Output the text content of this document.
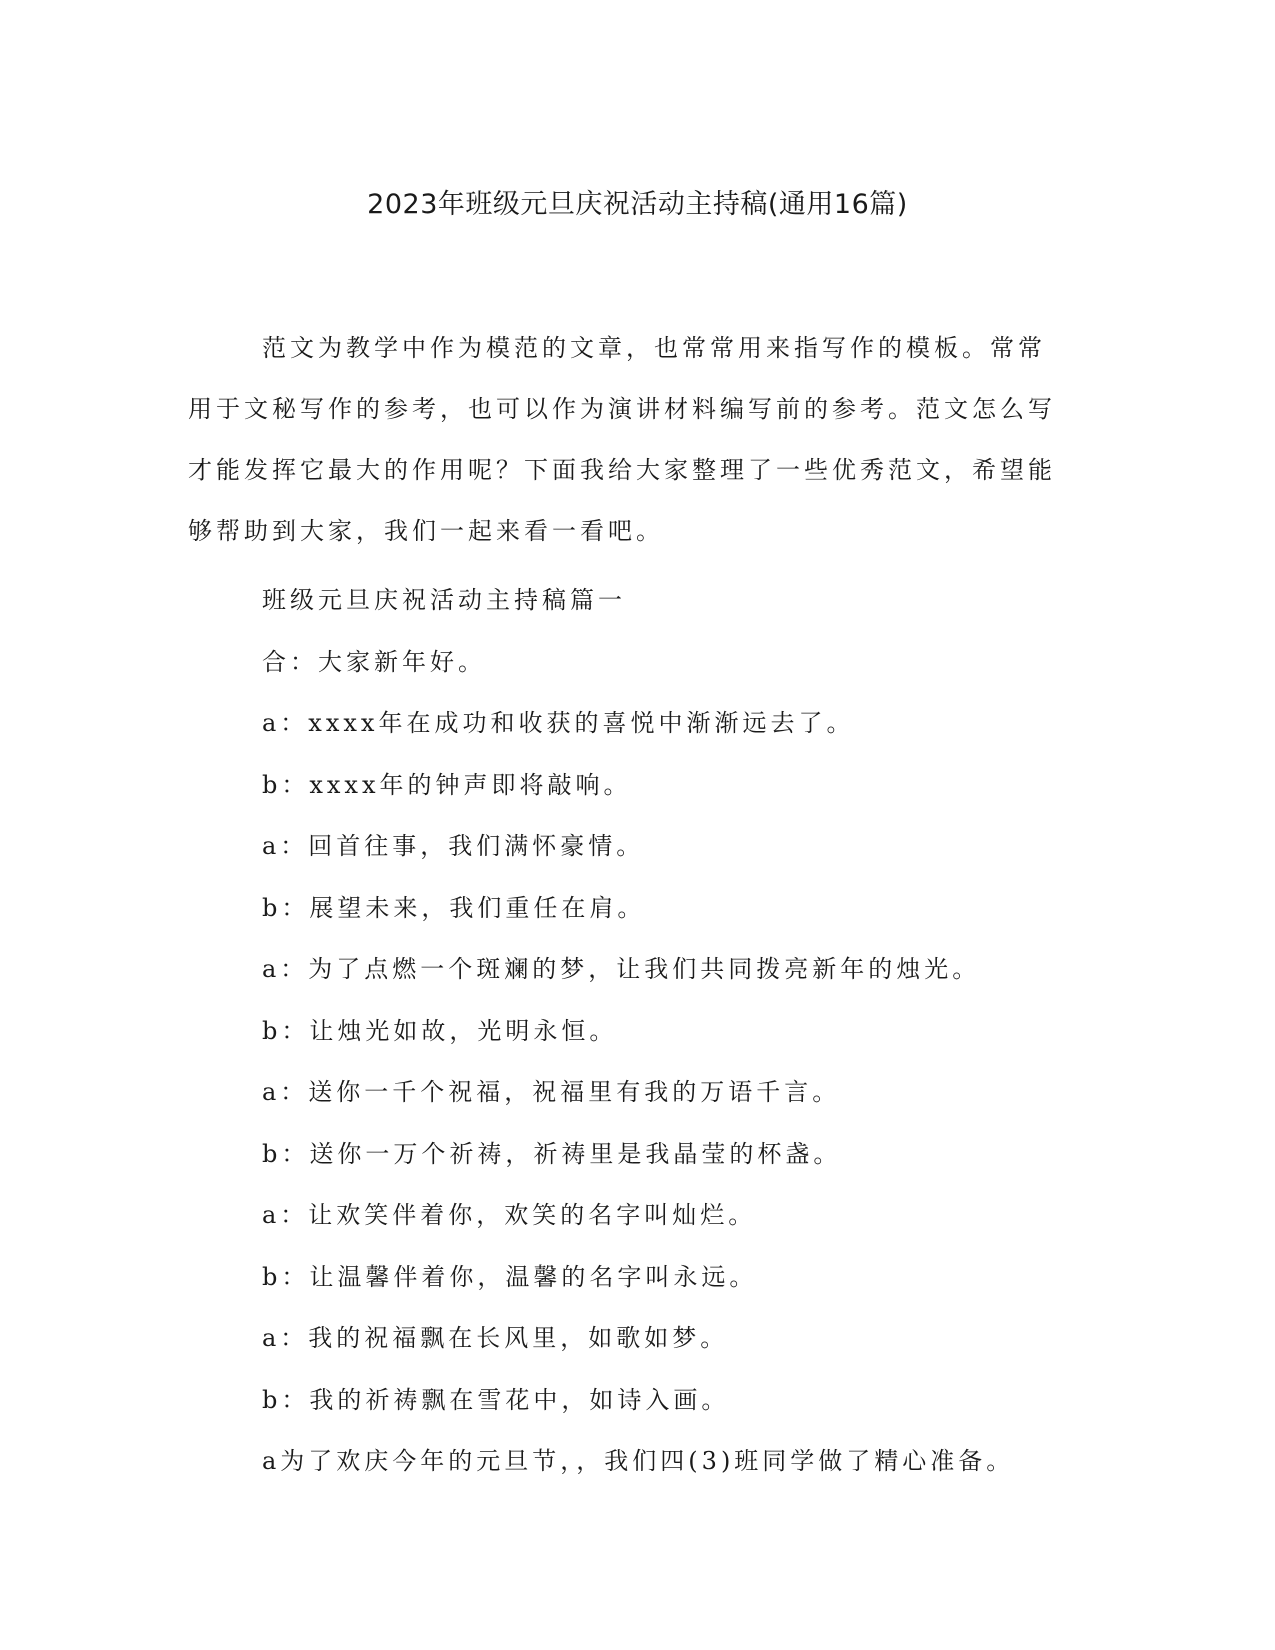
2023年班级元旦庆祝活动主持稿(通用16篇)

范文为教学中作为模范的文章，也常常用来指写作的模板。常常用于文秘写作的参考，也可以作为演讲材料编写前的参考。范文怎么写才能发挥它最大的作用呢？下面我给大家整理了一些优秀范文，希望能够帮助到大家，我们一起来看一看吧。

班级元旦庆祝活动主持稿篇一
合：大家新年好。
a：xxxx年在成功和收获的喜悦中渐渐远去了。
b：xxxx年的钟声即将敲响。
a：回首往事，我们满怀豪情。
b：展望未来，我们重任在肩。
a：为了点燃一个斑斓的梦，让我们共同拨亮新年的烛光。
b：让烛光如故，光明永恒。
a：送你一千个祝福，祝福里有我的万语千言。
b：送你一万个祈祷，祈祷里是我晶莹的杯盏。
a：让欢笑伴着你，欢笑的名字叫灿烂。
b：让温馨伴着你，温馨的名字叫永远。
a：我的祝福飘在长风里，如歌如梦。
b：我的祈祷飘在雪花中，如诗入画。
a为了欢庆今年的元旦节，，我们四(3)班同学做了精心准备。
